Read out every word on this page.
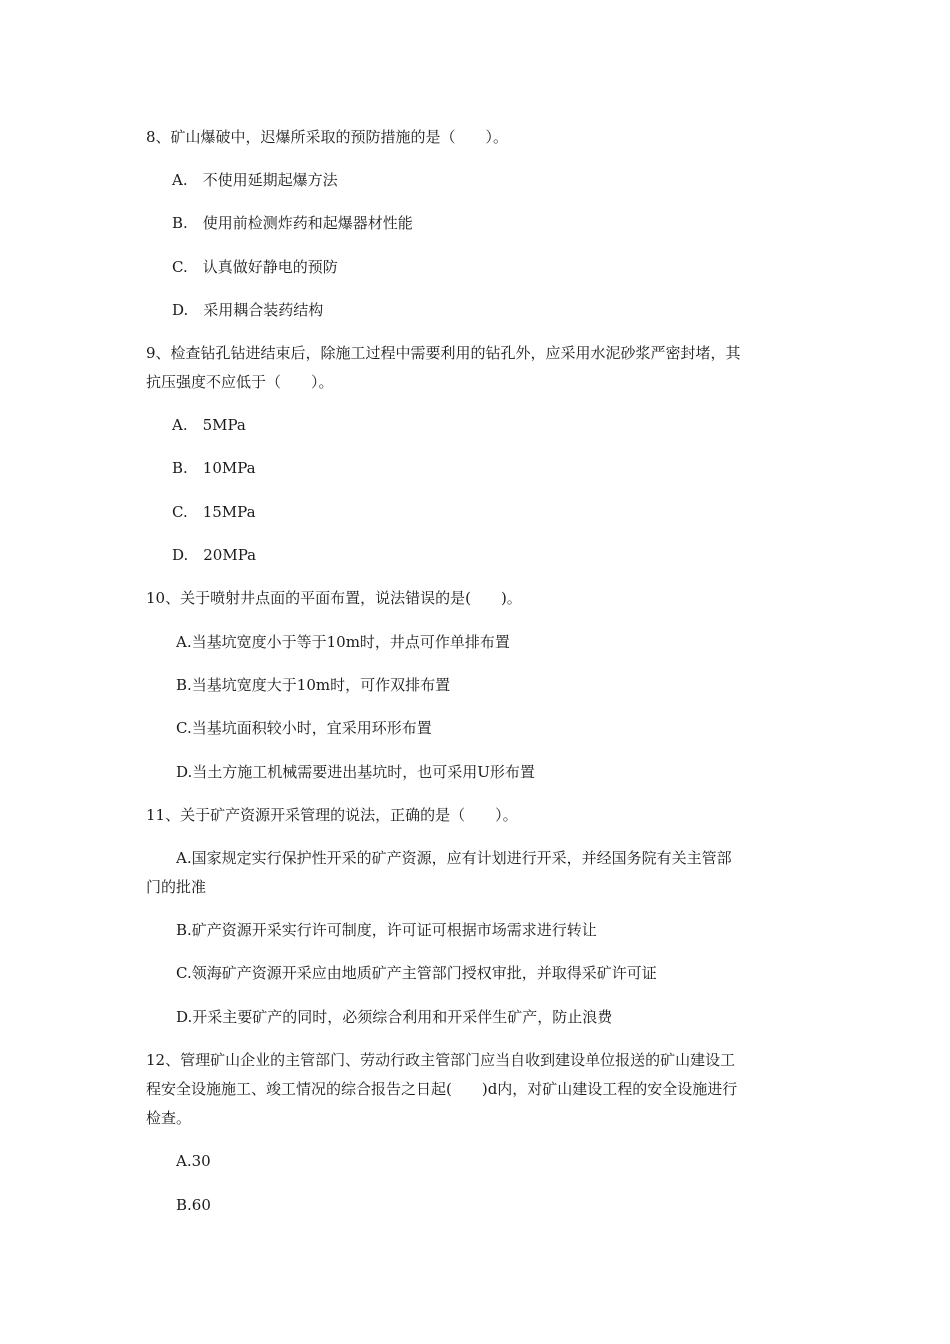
8、矿山爆破中，迟爆所采取的预防措施的是（　　）。
A.　不使用延期起爆方法
B.　使用前检测炸药和起爆器材性能
C.　认真做好静电的预防
D.　采用耦合装药结构
9、检查钻孔钻进结束后，除施工过程中需要利用的钻孔外，应采用水泥砂浆严密封堵，其
抗压强度不应低于（　　）。
A.　5MPa
B.　10MPa
C.　15MPa
D.　20MPa
10、关于喷射井点面的平面布置，说法错误的是(　　)。
A.当基坑宽度小于等于10m时，井点可作单排布置
B.当基坑宽度大于10m时，可作双排布置
C.当基坑面积较小时，宜采用环形布置
D.当土方施工机械需要进出基坑时，也可采用U形布置
11、关于矿产资源开采管理的说法，正确的是（　　）。
A.国家规定实行保护性开采的矿产资源，应有计划进行开采，并经国务院有关主管部
门的批准
B.矿产资源开采实行许可制度，许可证可根据市场需求进行转让
C.领海矿产资源开采应由地质矿产主管部门授权审批，并取得采矿许可证
D.开采主要矿产的同时，必须综合利用和开采伴生矿产，防止浪费
12、管理矿山企业的主管部门、劳动行政主管部门应当自收到建设单位报送的矿山建设工
程安全设施施工、竣工情况的综合报告之日起(　　)d内，对矿山建设工程的安全设施进行
检查。
A.30
B.60
